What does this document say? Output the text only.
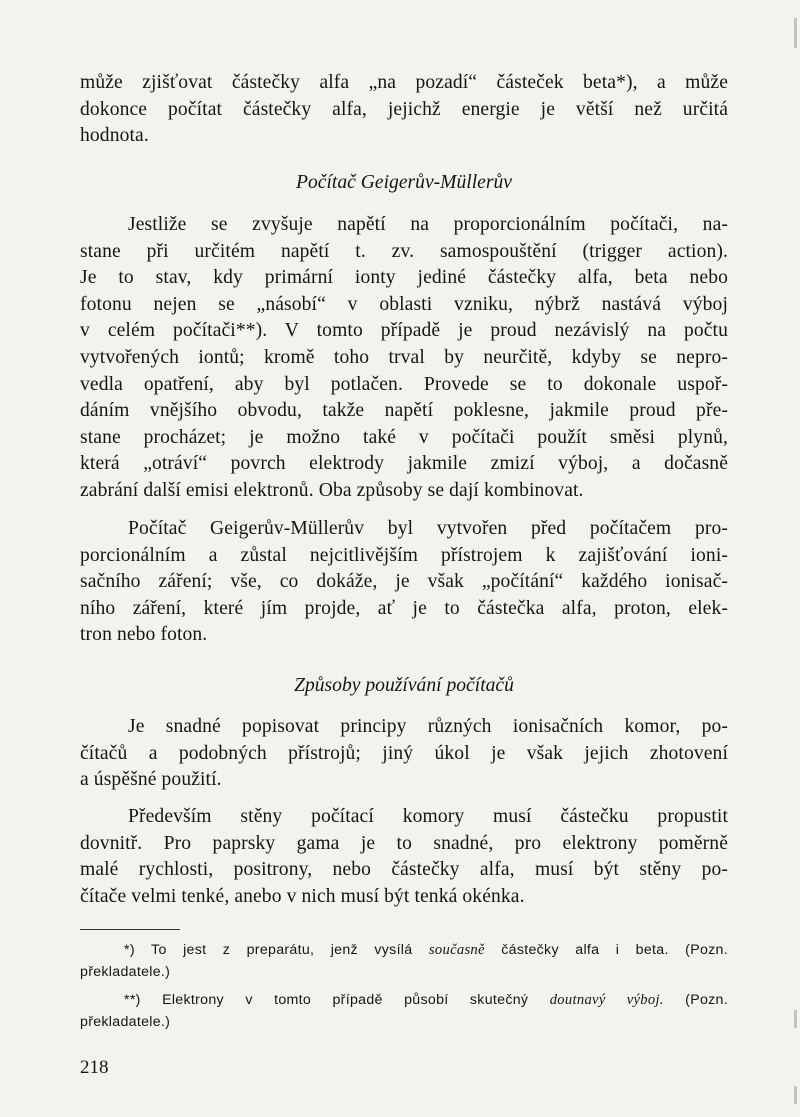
může zjišťovat částečky alfa „na pozadí“ částeček beta*), a může
dokonce počítat částečky alfa, jejichž energie je větší než určitá
hodnota.
Počítač Geigerův-Müllerův
Jestliže se zvyšuje napětí na proporcionálním počítači, na-
stane při určitém napětí t. zv. samospouštění (trigger action).
Je to stav, kdy primární ionty jediné částečky alfa, beta nebo
fotonu nejen se „násobí“ v oblasti vzniku, nýbrž nastává výboj
v celém počítači**). V tomto případě je proud nezávislý na počtu
vytvořených iontů; kromě toho trval by neurčitě, kdyby se nepro-
vedla opatření, aby byl potlačen. Provede se to dokonale uspoř-
dáním vnějšího obvodu, takže napětí poklesne, jakmile proud pře-
stane procházet; je možno také v počítači použít směsi plynů,
která „otráví“ povrch elektrody jakmile zmizí výboj, a dočasně
zabrání další emisi elektronů. Oba způsoby se dají kombinovat.
Počítač Geigerův-Müllerův byl vytvořen před počítačem pro-
porcionálním a zůstal nejcitlivějším přístrojem k zajišťování ioni-
sačního záření; vše, co dokáže, je však „počítání“ každého ionisač-
ního záření, které jím projde, ať je to částečka alfa, proton, elek-
tron nebo foton.
Způsoby používání počítačů
Je snadné popisovat principy různých ionisačních komor, po-
čítačů a podobných přístrojů; jiný úkol je však jejich zhotovení
a úspěšné použití.
Především stěny počítací komory musí částečku propustit
dovnitř. Pro paprsky gama je to snadné, pro elektrony poměrně
malé rychlosti, positrony, nebo částečky alfa, musí být stěny po-
čítače velmi tenké, anebo v nich musí být tenká okénka.
*) To jest z preparátu, jenž vysílá současně částečky alfa i beta. (Pozn.
překladatele.)
**) Elektrony v tomto případě působí skutečný doutnavý výboj. (Pozn.
překladatele.)
218
